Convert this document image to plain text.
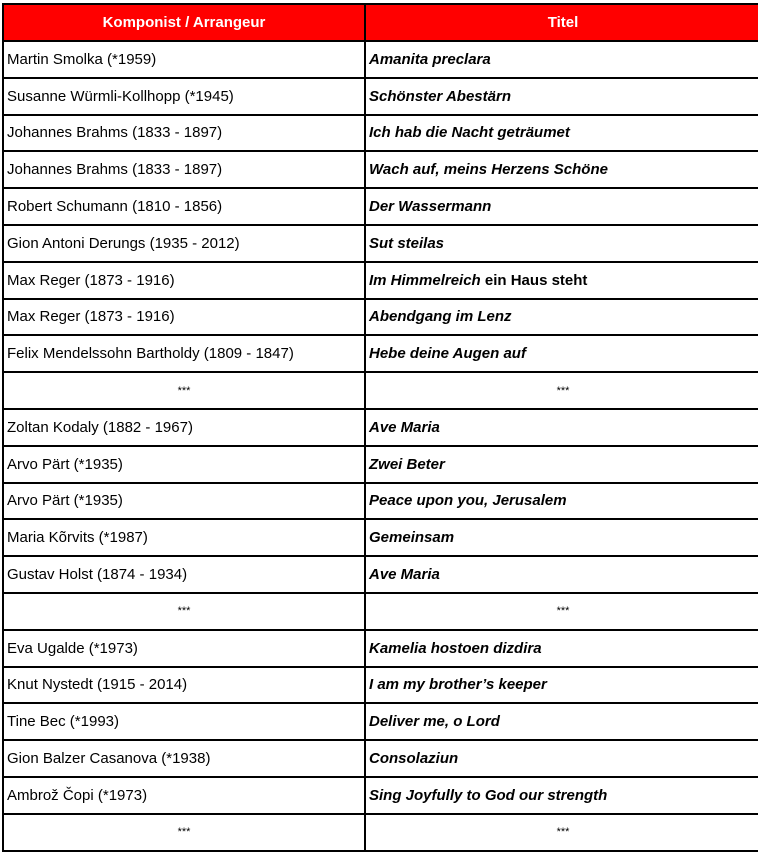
Komponist / Arrangeur	Titel
Martin Smolka (*1959)	Amanita preclara
Susanne Würmli-Kollhopp (*1945)	Schönster Abestärn
Johannes Brahms (1833 - 1897)	Ich hab die Nacht geträumet
Johannes Brahms (1833 - 1897)	Wach auf, meins Herzens Schöne
Robert Schumann (1810 - 1856)	Der Wassermann
Gion Antoni Derungs (1935 - 2012)	Sut steilas
Max Reger (1873 - 1916)	Im Himmelreich ein Haus steht
Max Reger (1873 - 1916)	Abendgang im Lenz
Felix Mendelssohn Bartholdy (1809 - 1847)	Hebe deine Augen auf
***	***
Zoltan Kodaly (1882 - 1967)	Ave Maria
Arvo Pärt (*1935)	Zwei Beter
Arvo Pärt (*1935)	Peace upon you, Jerusalem
Maria Kõrvits (*1987)	Gemeinsam
Gustav Holst (1874 - 1934)	Ave Maria
***	***
Eva Ugalde (*1973)	Kamelia hostoen dizdira
Knut Nystedt (1915 - 2014)	I am my brother’s keeper
Tine Bec (*1993)	Deliver me, o Lord
Gion Balzer Casanova (*1938)	Consolaziun
Ambrož Čopi (*1973)	Sing Joyfully to God our strength
***	***
